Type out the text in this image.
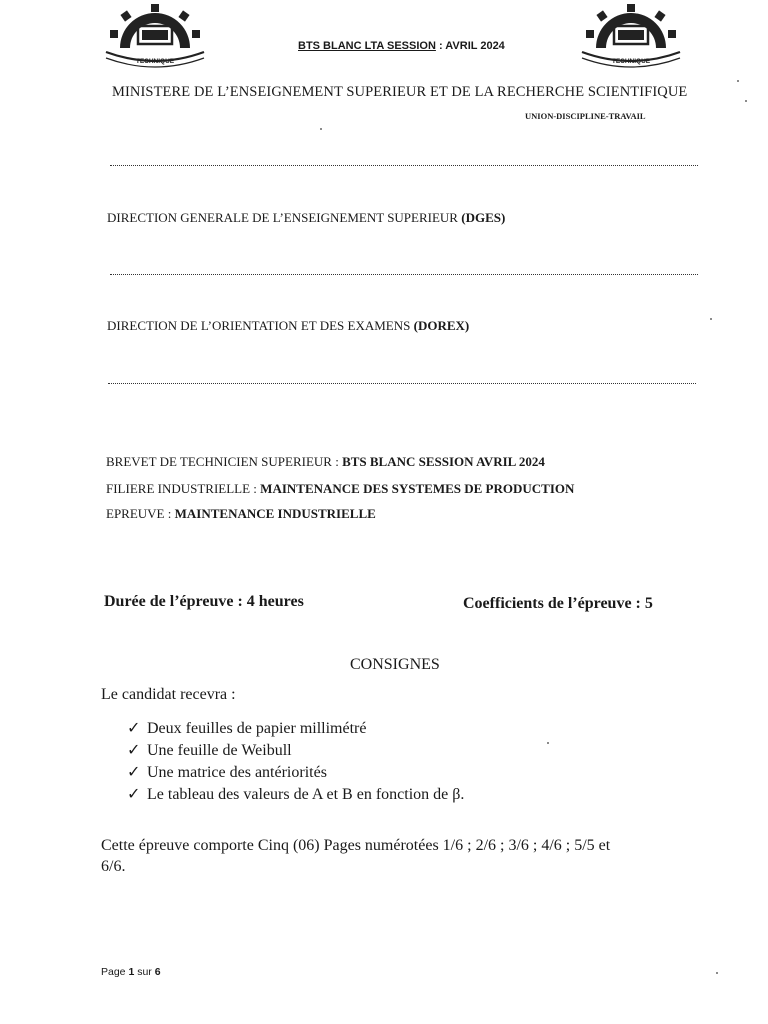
TECHNIQUE	TECHNIQUE
BTS BLANC LTA SESSION : AVRIL 2024
MINISTERE DE L’ENSEIGNEMENT SUPERIEUR ET DE LA RECHERCHE SCIENTIFIQUE
UNION-DISCIPLINE-TRAVAIL
DIRECTION GENERALE DE L’ENSEIGNEMENT SUPERIEUR (DGES)
DIRECTION DE L’ORIENTATION ET DES EXAMENS (DOREX)
BREVET DE TECHNICIEN SUPERIEUR : BTS BLANC SESSION AVRIL 2024
FILIERE INDUSTRIELLE : MAINTENANCE DES SYSTEMES DE PRODUCTION
EPREUVE : MAINTENANCE INDUSTRIELLE
Durée de l’épreuve : 4 heures	Coefficients de l’épreuve : 5
CONSIGNES
Le candidat recevra :
✓ Deux feuilles de papier millimétré
✓ Une feuille de Weibull
✓ Une matrice des antériorités
✓ Le tableau des valeurs de A et B en fonction de β.
Cette épreuve comporte Cinq (06) Pages numérotées 1/6 ; 2/6 ; 3/6 ; 4/6 ; 5/5 et
6/6.
Page 1 sur 6
